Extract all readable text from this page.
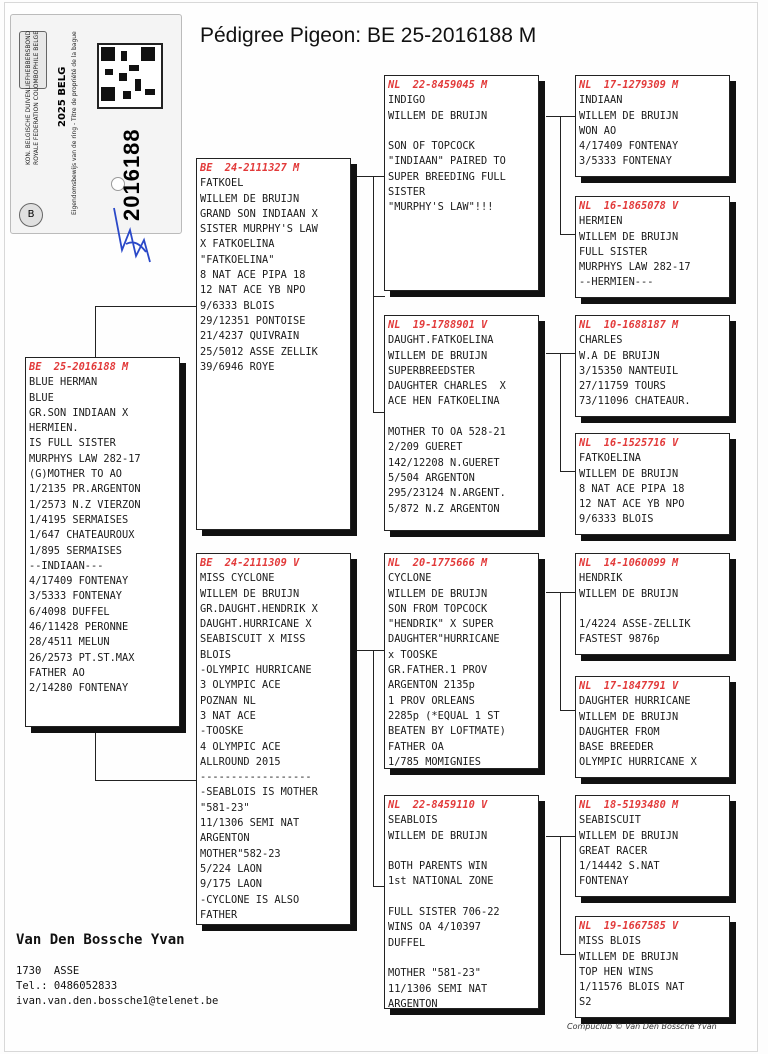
Pédigree Pigeon: BE 25-2016188 M
KON. BELGISCHE DUIVENLIEFHEBBERSBOND ROYALE FEDERATION COLOMBOPHILE BELGE 2025 BELG Eigendomsbewijs van de ring - Titre de propriété de la bague 2016188
B
BE  25-2016188 M
BLUE HERMAN
BLUE
GR.SON INDIAAN X
HERMIEN.
IS FULL SISTER
MURPHYS LAW 282-17
(G)MOTHER TO AO
1/2135 PR.ARGENTON
1/2573 N.Z VIERZON
1/4195 SERMAISES
1/647 CHATEAUROUX
1/895 SERMAISES
--INDIAAN---
4/17409 FONTENAY
3/5333 FONTENAY
6/4098 DUFFEL
46/11428 PERONNE
28/4511 MELUN
26/2573 PT.ST.MAX
FATHER AO
2/14280 FONTENAY
BE  24-2111327 M
FATKOEL
WILLEM DE BRUIJN
GRAND SON INDIAAN X
SISTER MURPHY'S LAW
X FATKOELINA
"FATKOELINA"
8 NAT ACE PIPA 18
12 NAT ACE YB NPO
9/6333 BLOIS
29/12351 PONTOISE
21/4237 QUIVRAIN
25/5012 ASSE ZELLIK
39/6946 ROYE
BE  24-2111309 V
MISS CYCLONE
WILLEM DE BRUIJN
GR.DAUGHT.HENDRIK X
DAUGHT.HURRICANE X
SEABISCUIT X MISS
BLOIS
-OLYMPIC HURRICANE
3 OLYMPIC ACE
POZNAN NL
3 NAT ACE
-TOOSKE
4 OLYMPIC ACE
ALLROUND 2015
------------------
-SEABLOIS IS MOTHER
"581-23"
11/1306 SEMI NAT
ARGENTON
MOTHER"582-23
5/224 LAON
9/175 LAON
-CYCLONE IS ALSO
FATHER
NL  22-8459045 M
INDIGO
WILLEM DE BRUIJN
SON OF TOPCOCK
"INDIAAN" PAIRED TO
SUPER BREEDING FULL
SISTER
"MURPHY'S LAW"!!!
NL  19-1788901 V
DAUGHT.FATKOELINA
WILLEM DE BRUIJN
SUPERBREEDSTER
DAUGHTER CHARLES  X
ACE HEN FATKOELINA
MOTHER TO OA 528-21
2/209 GUERET
142/12208 N.GUERET
5/504 ARGENTON
295/23124 N.ARGENT.
5/872 N.Z ARGENTON
NL  20-1775666 M
CYCLONE
WILLEM DE BRUIJN
SON FROM TOPCOCK
"HENDRIK" X SUPER
DAUGHTER"HURRICANE
x TOOSKE
GR.FATHER.1 PROV
ARGENTON 2135p
1 PROV ORLEANS
2285p (*EQUAL 1 ST
BEATEN BY LOFTMATE)
FATHER OA
1/785 MOMIGNIES
NL  22-8459110 V
SEABLOIS
WILLEM DE BRUIJN
BOTH PARENTS WIN
1st NATIONAL ZONE
FULL SISTER 706-22
WINS OA 4/10397
DUFFEL
MOTHER "581-23"
11/1306 SEMI NAT
ARGENTON
NL  17-1279309 M
INDIAAN
WILLEM DE BRUIJN
WON AO
4/17409 FONTENAY
3/5333 FONTENAY
NL  16-1865078 V
HERMIEN
WILLEM DE BRUIJN
FULL SISTER
MURPHYS LAW 282-17
--HERMIEN---
NL  10-1688187 M
CHARLES
W.A DE BRUIJN
3/15350 NANTEUIL
27/11759 TOURS
73/11096 CHATEAUR.
NL  16-1525716 V
FATKOELINA
WILLEM DE BRUIJN
8 NAT ACE PIPA 18
12 NAT ACE YB NPO
9/6333 BLOIS
NL  14-1060099 M
HENDRIK
WILLEM DE BRUIJN
1/4224 ASSE-ZELLIK
FASTEST 9876p
NL  17-1847791 V
DAUGHTER HURRICANE
WILLEM DE BRUIJN
DAUGHTER FROM
BASE BREEDER
OLYMPIC HURRICANE X
NL  18-5193480 M
SEABISCUIT
WILLEM DE BRUIJN
GREAT RACER
1/14442 S.NAT
FONTENAY
NL  19-1667585 V
MISS BLOIS
WILLEM DE BRUIJN
TOP HEN WINS
1/11576 BLOIS NAT
S2
Van Den Bossche Yvan
1730  ASSE
Tel.: 0486052833
ivan.van.den.bossche1@telenet.be
Compuclub © Van Den Bossche Yvan
